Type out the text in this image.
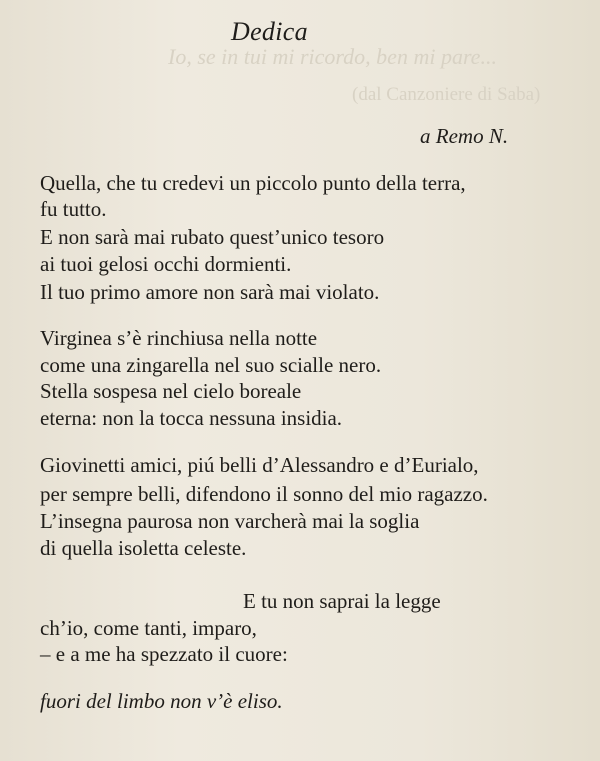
Io, se in tui mi ricordo, ben mi pare...
(dal Canzoniere di Saba)
Dedica
a Remo N.
Quella, che tu credevi un piccolo punto della terra,
fu tutto.
E non sarà mai rubato quest’unico tesoro
ai tuoi gelosi occhi dormienti.
Il tuo primo amore non sarà mai violato.
Virginea s’è rinchiusa nella notte
come una zingarella nel suo scialle nero.
Stella sospesa nel cielo boreale
eterna: non la tocca nessuna insidia.
Giovinetti amici, piú belli d’Alessandro e d’Eurialo,
per sempre belli, difendono il sonno del mio ragazzo.
L’insegna paurosa non varcherà mai la soglia
di quella isoletta celeste.
E tu non saprai la legge
ch’io, come tanti, imparo,
– e a me ha spezzato il cuore:
fuori del limbo non v’è eliso.
